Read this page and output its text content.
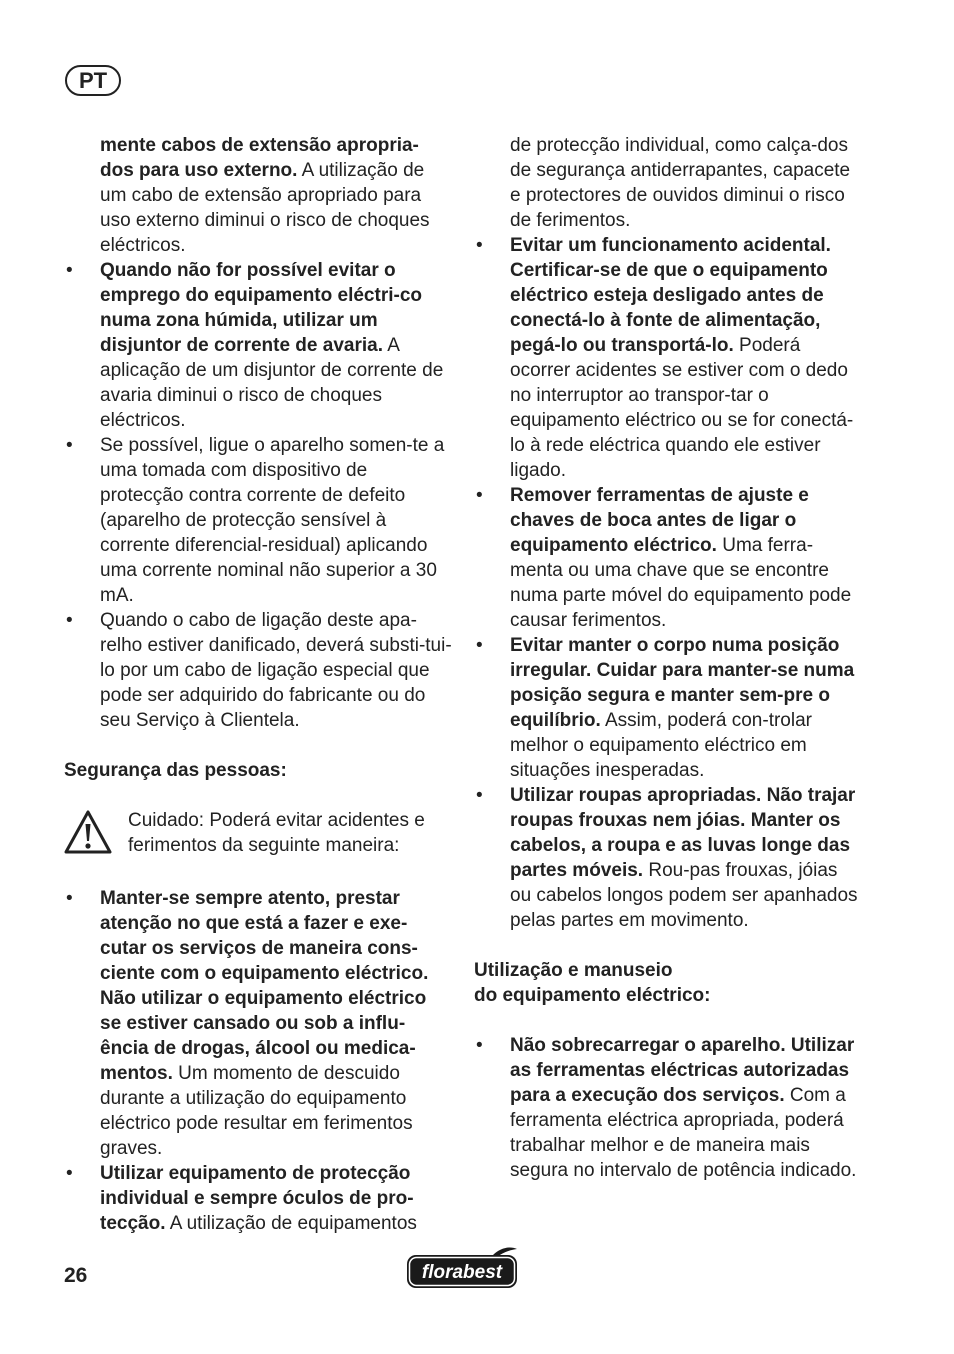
PT
mente cabos de extensão apropria-dos para uso externo. A utilização de um cabo de extensão apropriado para uso externo diminui o risco de choques eléctricos.
• Quando não for possível evitar o emprego do equipamento eléctri-co numa zona húmida, utilizar um disjuntor de corrente de avaria. A aplicação de um disjuntor de corrente de avaria diminui o risco de choques eléctricos.
• Se possível, ligue o aparelho somen-te a uma tomada com dispositivo de protecção contra corrente de defeito (aparelho de protecção sensível à corrente diferencial-residual) aplicando uma corrente nominal não superior a 30 mA.
• Quando o cabo de ligação deste apa-relho estiver danificado, deverá substi-tui-lo por um cabo de ligação especial que pode ser adquirido do fabricante ou do seu Serviço à Clientela.
Segurança das pessoas:
Cuidado: Poderá evitar acidentes e ferimentos da seguinte maneira:
• Manter-se sempre atento, prestar atenção no que está a fazer e exe-cutar os serviços de maneira cons-ciente com o equipamento eléctrico. Não utilizar o equipamento eléctrico se estiver cansado ou sob a influ-ência de drogas, álcool ou medica-mentos. Um momento de descuido durante a utilização do equipamento eléctrico pode resultar em ferimentos graves.
• Utilizar equipamento de protecção individual e sempre óculos de pro-tecção. A utilização de equipamentos
de protecção individual, como calça-dos de segurança antiderrapantes, capacete e protectores de ouvidos diminui o risco de ferimentos.
• Evitar um funcionamento acidental. Certificar-se de que o equipamento eléctrico esteja desligado antes de conectá-lo à fonte de alimentação, pegá-lo ou transportá-lo. Poderá ocorrer acidentes se estiver com o dedo no interruptor ao transpor-tar o equipamento eléctrico ou se for conectá-lo à rede eléctrica quando ele estiver ligado.
• Remover ferramentas de ajuste e chaves de boca antes de ligar o equipamento eléctrico. Uma ferra-menta ou uma chave que se encontre numa parte móvel do equipamento pode causar ferimentos.
• Evitar manter o corpo numa posição irregular. Cuidar para manter-se numa posição segura e manter sem-pre o equilíbrio. Assim, poderá con-trolar melhor o equipamento eléctrico em situações inesperadas.
• Utilizar roupas apropriadas. Não trajar roupas frouxas nem jóias. Manter os cabelos, a roupa e as luvas longe das partes móveis. Rou-pas frouxas, jóias ou cabelos longos podem ser apanhados pelas partes em movimento.
Utilização e manuseio
do equipamento eléctrico:
• Não sobrecarregar o aparelho. Utilizar as ferramentas eléctricas autorizadas para a execução dos serviços. Com a ferramenta eléctrica apropriada, poderá trabalhar melhor e de maneira mais segura no intervalo de potência indicado.
26	florabest
